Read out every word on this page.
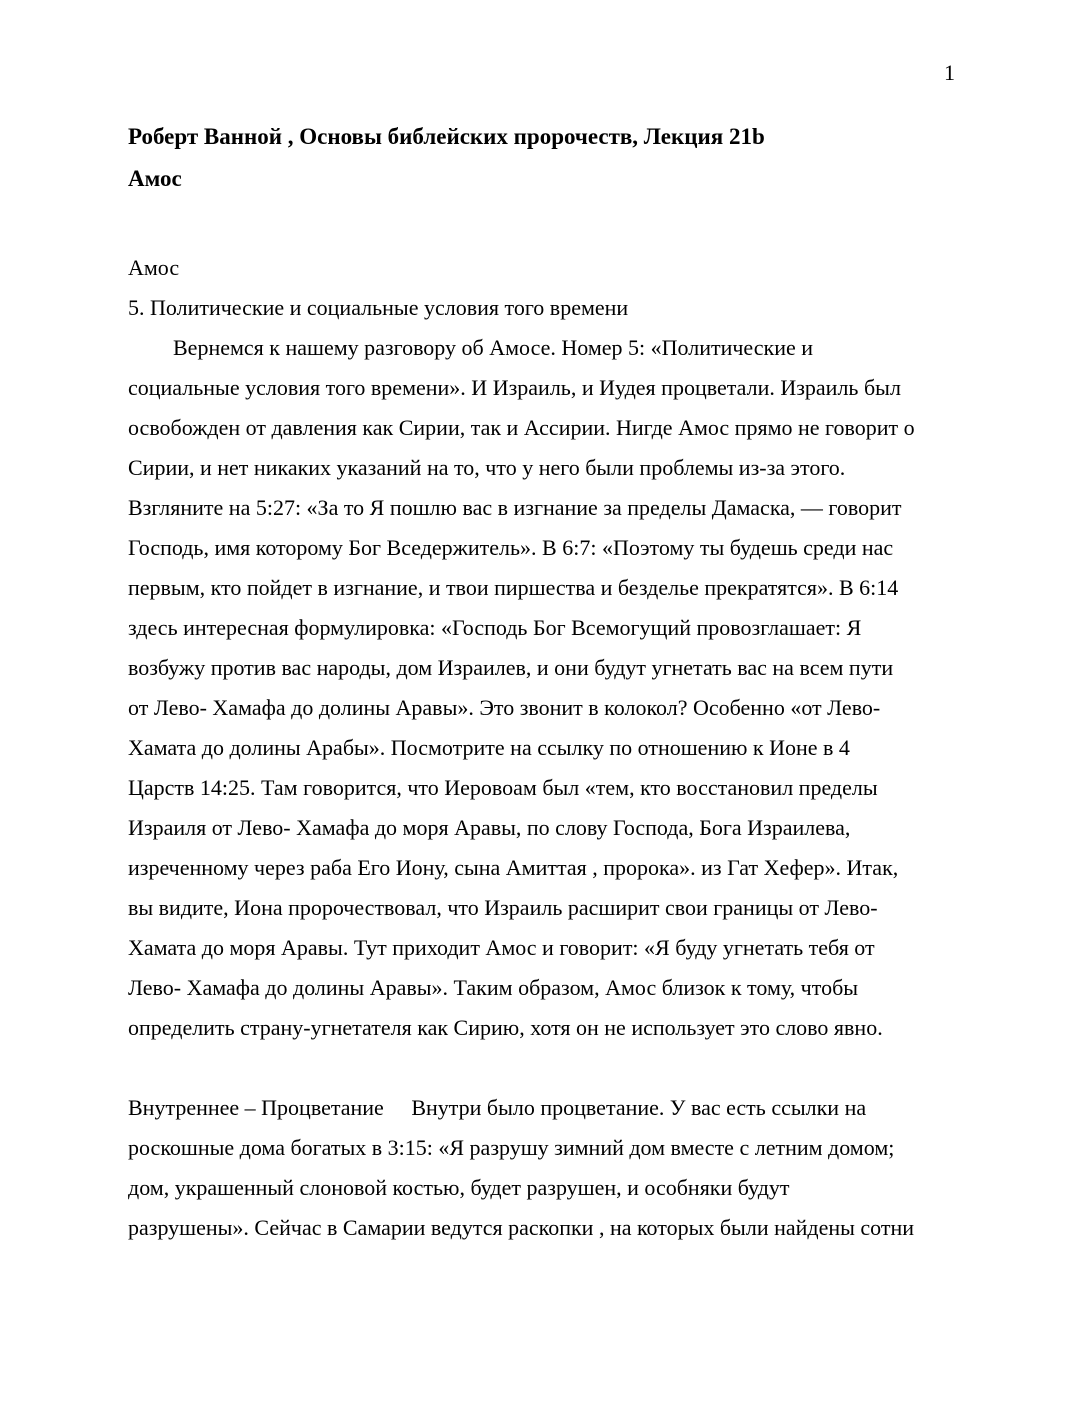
1
Роберт Ванной , Основы библейских пророчеств, Лекция 21b
Амос
Амос
5. Политические и социальные условия того времени
Вернемся к нашему разговору об Амосе. Номер 5: «Политические и
социальные условия того времени». И Израиль, и Иудея процветали. Израиль был
освобожден от давления как Сирии, так и Ассирии. Нигде Амос прямо не говорит о
Сирии, и нет никаких указаний на то, что у него были проблемы из-за этого.
Взгляните на 5:27: «За то Я пошлю вас в изгнание за пределы Дамаска, — говорит
Господь, имя которому Бог Вседержитель». В 6:7: «Поэтому ты будешь среди нас
первым, кто пойдет в изгнание, и твои пиршества и безделье прекратятся». В 6:14
здесь интересная формулировка: «Господь Бог Всемогущий провозглашает: Я
возбужу против вас народы, дом Израилев, и они будут угнетать вас на всем пути
от Лево- Хамафа до долины Аравы». Это звонит в колокол? Особенно «от Лево-
Хамата до долины Арабы». Посмотрите на ссылку по отношению к Ионе в 4
Царств 14:25. Там говорится, что Иеровоам был «тем, кто восстановил пределы
Израиля от Лево- Хамафа до моря Аравы, по слову Господа, Бога Израилева,
изреченному через раба Его Иону, сына Амиттая , пророка». из Гат Хефер». Итак,
вы видите, Иона пророчествовал, что Израиль расширит свои границы от Лево-
Хамата до моря Аравы. Тут приходит Амос и говорит: «Я буду угнетать тебя от
Лево- Хамафа до долины Аравы». Таким образом, Амос близок к тому, чтобы
определить страну-угнетателя как Сирию, хотя он не использует это слово явно.
Внутреннее – Процветание     Внутри было процветание. У вас есть ссылки на
роскошные дома богатых в 3:15: «Я разрушу зимний дом вместе с летним домом;
дом, украшенный слоновой костью, будет разрушен, и особняки будут
разрушены». Сейчас в Самарии ведутся раскопки , на которых были найдены сотни
